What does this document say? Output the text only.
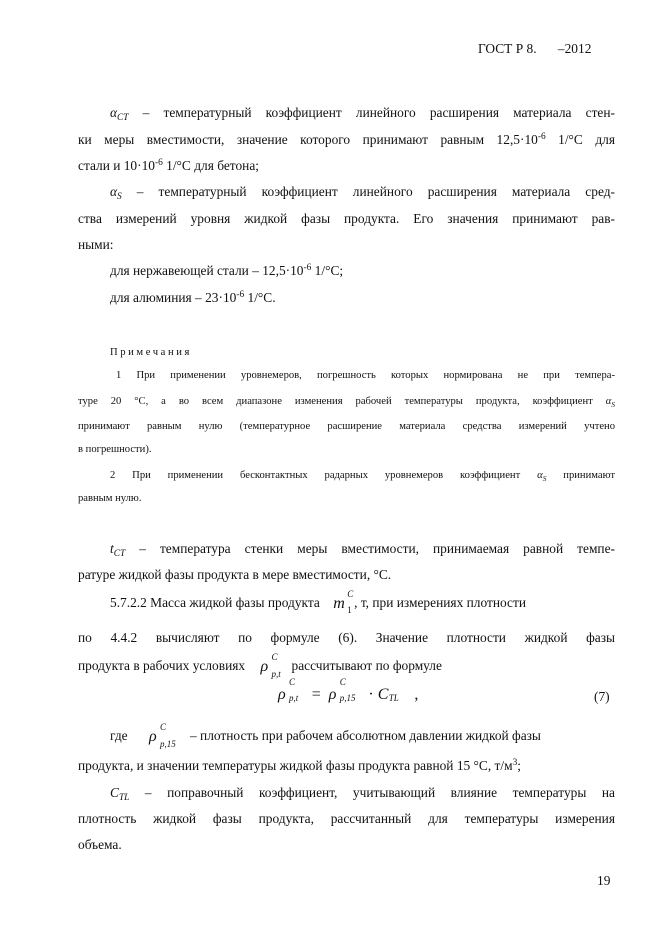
ГОСТ Р 8. –2012
$\alpha_{CT}$ – температурный коэффициент линейного расширения материала стен-
ки меры вместимости, значение которого принимают равным $12,5\cdot 10^{-6}$ 1/°С для
стали и $10\cdot 10^{-6}$ 1/°С для бетона;
$\alpha_S$ – температурный коэффициент линейного расширения материала сред-
ства измерений уровня жидкой фазы продукта. Его значения принимают рав-
ными:
для нержавеющей стали – $12,5\cdot 10^{-6}$ 1/°С;
для алюминия – $23\cdot 10^{-6}$ 1/°С.
Примечания
1 При применении уровнемеров, погрешность которых нормирована не при темпера-
туре 20 °С, а во всем диапазоне изменения рабочей температуры продукта, коэффициент $\alpha_S$
принимают равным нулю (температурное расширение материала средства измерений учтено
в погрешности).
2 При применении бесконтактных радарных уровнемеров коэффициент $\alpha_S$ принимают
равным нулю.
$t_{CT}$ – температура стенки меры вместимости, принимаемая равной темпе-
ратуре жидкой фазы продукта в мере вместимости, °С.
5.7.2.2 Масса жидкой фазы продукта m
C
1 , т, при измерениях плотности
по 4.4.2 вычисляют по формуле (6). Значение плотности жидкой фазы
продукта в рабочих условиях ρ
C
p,t
рассчитывают по формуле
ρ
C
p,t = ρ
C
p,15 · C TL ,	(7)
где ρ
C
p,15
– плотность при рабочем абсолютном давлении жидкой фазы
продукта, и значении температуры жидкой фазы продукта равной 15 °С, $т/м^3$;
$C_{TL}$ – поправочный коэффициент, учитывающий влияние температуры на
плотность жидкой фазы продукта, рассчитанный для температуры измерения
объема.
19
